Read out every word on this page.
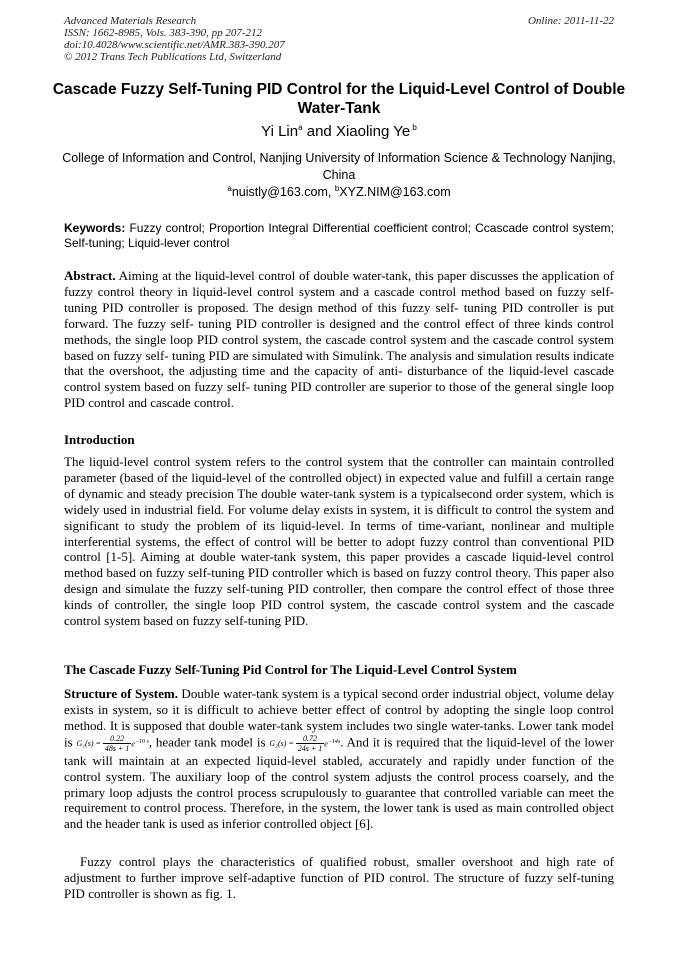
Advanced Materials Research	Online: 2011-11-22
ISSN: 1662-8985, Vols. 383-390, pp 207-212
doi:10.4028/www.scientific.net/AMR.383-390.207
© 2012 Trans Tech Publications Ltd, Switzerland
Cascade Fuzzy Self-Tuning PID Control for the Liquid-Level Control of Double Water-Tank
Yi Lin$^a$ and Xiaoling Ye $^b$
College of Information and Control, Nanjing University of Information Science & Technology Nanjing, China
$^a$nuistly@163.com, $^b$XYZ.NIM@163.com
Keywords: Fuzzy control; Proportion Integral Differential coefficient control; Ccascade control system; Self-tuning; Liquid-lever control
Abstract. Aiming at the liquid-level control of double water-tank, this paper discusses the application of fuzzy control theory in liquid-level control system and a cascade control method based on fuzzy self- tuning PID controller is proposed. The design method of this fuzzy self- tuning PID controller is put forward. The fuzzy self- tuning PID controller is designed and the control effect of three kinds control methods, the single loop PID control system, the cascade control system and the cascade control system based on fuzzy self- tuning PID are simulated with Simulink. The analysis and simulation results indicate that the overshoot, the adjusting time and the capacity of anti- disturbance of the liquid-level cascade control system based on fuzzy self- tuning PID controller are superior to those of the general single loop PID control and cascade control.
Introduction
The liquid-level control system refers to the control system that the controller can maintain controlled parameter (based of the liquid-level of the controlled object) in expected value and fulfill a certain range of dynamic and steady precision The double water-tank system is a typicalsecond order system, which is widely used in industrial field. For volume delay exists in system, it is difficult to control the system and significant to study the problem of its liquid-level. In terms of time-variant, nonlinear and multiple interferential systems, the effect of control will be better to adopt fuzzy control than conventional PID control [1-5]. Aiming at double water-tank system, this paper provides a cascade liquid-level control method based on fuzzy self-tuning PID controller which is based on fuzzy control theory. This paper also design and simulate the fuzzy self-tuning PID controller, then compare the control effect of those three kinds of controller, the single loop PID control system, the cascade control system and the cascade control system based on fuzzy self-tuning PID.
The Cascade Fuzzy Self-Tuning Pid Control for The Liquid-Level Control System
Structure of System. Double water-tank system is a typical second order industrial object, volume delay exists in system, so it is difficult to achieve better effect of control by adopting the single loop control method. It is supposed that double water-tank system includes two single water-tanks. Lower tank model is $G_1(s) = \frac{0.22}{48s + 1} e^{-10 s}$, header tank model is $G_2(s) = \frac{0.72}{24s + 1} e^{-14s}$. And it is required that the liquid-level of the lower tank will maintain at an expected liquid-level stabled, accurately and rapidly under function of the control system. The auxiliary loop of the control system adjusts the control process coarsely, and the primary loop adjusts the control process scrupulously to guarantee that controlled variable can meet the requirement to control process. Therefore, in the system, the lower tank is used as main controlled object and the header tank is used as inferior controlled object [6].
Fuzzy control plays the characteristics of qualified robust, smaller overshoot and high rate of adjustment to further improve self-adaptive function of PID control. The structure of fuzzy self-tuning PID controller is shown as fig. 1.
